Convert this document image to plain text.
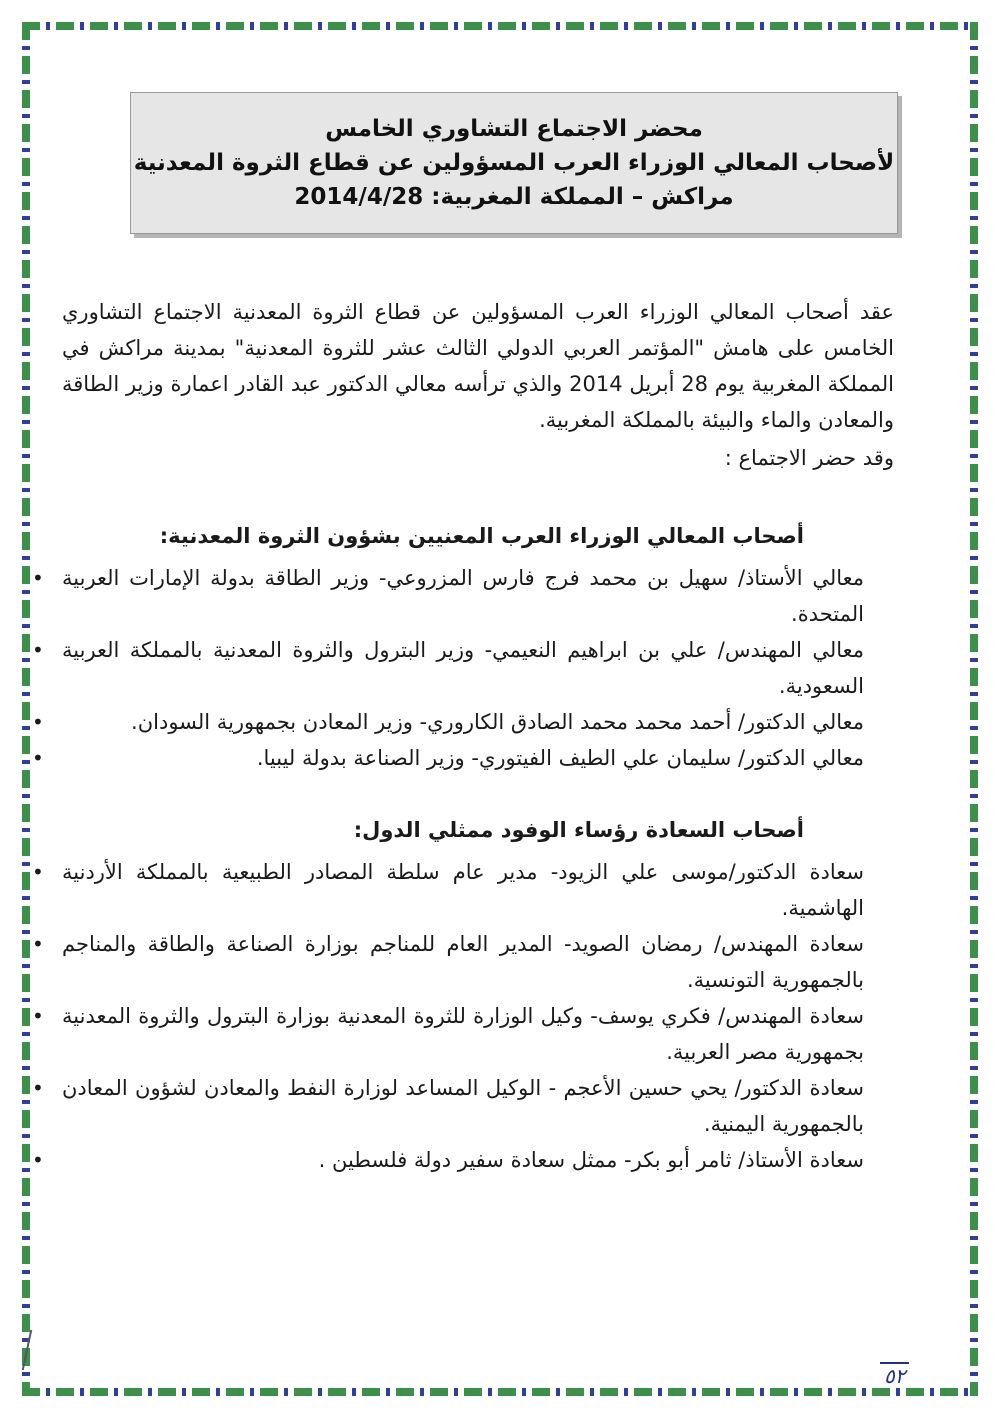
محضر الاجتماع التشاوري الخامس
لأصحاب المعالي الوزراء العرب المسؤولين عن قطاع الثروة المعدنية
مراكش – المملكة المغربية: 2014/4/28

عقد أصحاب المعالي الوزراء العرب المسؤولين عن قطاع الثروة المعدنية الاجتماع التشاوري الخامس على هامش "المؤتمر العربي الدولي الثالث عشر للثروة المعدنية" بمدينة مراكش في المملكة المغربية يوم 28 أبريل 2014 والذي ترأسه معالي الدكتور عبد القادر اعمارة وزير الطاقة والمعادن والماء والبيئة بالمملكة المغربية.

وقد حضر الاجتماع :

أصحاب المعالي الوزراء العرب المعنيين بشؤون الثروة المعدنية:

• معالي الأستاذ/ سهيل بن محمد فرج فارس المزروعي- وزير الطاقة بدولة الإمارات العربية المتحدة.
• معالي المهندس/ علي بن ابراهيم النعيمي- وزير البترول والثروة المعدنية بالمملكة العربية السعودية.
•	معالي الدكتور/ أحمد محمد محمد الصادق الكاروري- وزير المعادن بجمهورية السودان.
•	معالي الدكتور/ سليمان علي الطيف الفيتوري- وزير الصناعة بدولة ليبيا.

أصحاب السعادة رؤساء الوفود ممثلي الدول:

• سعادة الدكتور/موسى علي الزيود- مدير عام سلطة المصادر الطبيعية بالمملكة الأردنية الهاشمية.
• سعادة المهندس/ رمضان الصويد- المدير العام للمناجم بوزارة الصناعة والطاقة والمناجم بالجمهورية التونسية.
• سعادة المهندس/ فكري يوسف- وكيل الوزارة للثروة المعدنية بوزارة البترول والثروة المعدنية بجمهورية مصر العربية.
• سعادة الدكتور/ يحي حسين الأعجم - الوكيل المساعد لوزارة النفط والمعادن لشؤون المعادن بالجمهورية اليمنية.
•	سعادة الأستاذ/ ثامر أبو بكر- ممثل سعادة سفير دولة فلسطين .
٥٢
